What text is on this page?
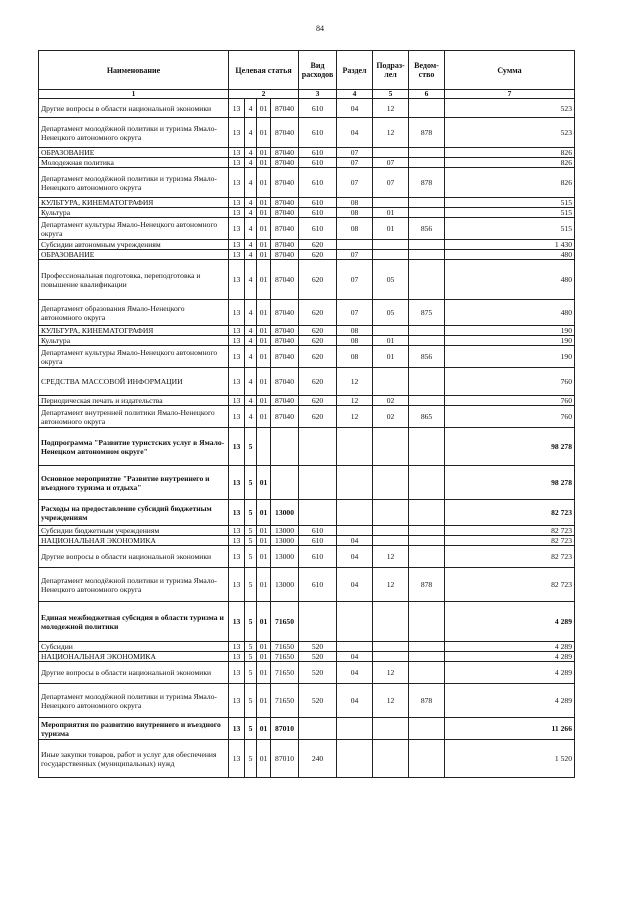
84
Наименование	Целевая статья				Вид расходов	Раздел	Подраз-лел	Ведом-ство	Сумма
1	2				3	4	5	6	7
Другие вопросы в области национальной экономики	13	4	01	87040	610	04	12		523
Департамент молодёжной политики и туризма Ямало-Ненецкого автономного округа	13	4	01	87040	610	04	12	878	523
ОБРАЗОВАНИЕ	13	4	01	87040	610	07			826
Молодежная политика	13	4	01	87040	610	07	07		826
Департамент молодёжной политики и туризма Ямало-Ненецкого автономного округа	13	4	01	87040	610	07	07	878	826
КУЛЬТУРА, КИНЕМАТОГРАФИЯ	13	4	01	87040	610	08			515
Культура	13	4	01	87040	610	08	01		515
Департамент культуры Ямало-Ненецкого автономного округа	13	4	01	87040	610	08	01	856	515
Субсидии автономным учреждениям	13	4	01	87040	620				1 430
ОБРАЗОВАНИЕ	13	4	01	87040	620	07			480
Профессиональная подготовка, переподготовка и повышение квалификации	13	4	01	87040	620	07	05		480
Департамент образования Ямало-Ненецкого автономного округа	13	4	01	87040	620	07	05	875	480
КУЛЬТУРА, КИНЕМАТОГРАФИЯ	13	4	01	87040	620	08			190
Культура	13	4	01	87040	620	08	01		190
Департамент культуры Ямало-Ненецкого автономного округа	13	4	01	87040	620	08	01	856	190
СРЕДСТВА МАССОВОЙ ИНФОРМАЦИИ	13	4	01	87040	620	12			760
Периодическая печать и издательства	13	4	01	87040	620	12	02		760
Департамент внутренней политики Ямало-Ненецкого автономного округа	13	4	01	87040	620	12	02	865	760
Подпрограмма "Развитие туристских услуг в Ямало-Ненецком автономном округе"	13	5							98 278
Основное мероприятие "Развитие внутреннего и въездного туризма и отдыха"	13	5	01						98 278
Расходы на предоставление субсидий бюджетным учреждениям	13	5	01	13000					82 723
Субсидии бюджетным учреждениям	13	5	01	13000	610				82 723
НАЦИОНАЛЬНАЯ ЭКОНОМИКА	13	5	01	13000	610	04			82 723
Другие вопросы в области национальной экономики	13	5	01	13000	610	04	12		82 723
Департамент молодёжной политики и туризма Ямало-Ненецкого автономного округа	13	5	01	13000	610	04	12	878	82 723
Единая межбюджетная субсидия в области туризма и молодежной политики	13	5	01	71650					4 289
Субсидии	13	5	01	71650	520				4 289
НАЦИОНАЛЬНАЯ ЭКОНОМИКА	13	5	01	71650	520	04			4 289
Другие вопросы в области национальной экономики	13	5	01	71650	520	04	12		4 289
Департамент молодёжной политики и туризма Ямало-Ненецкого автономного округа	13	5	01	71650	520	04	12	878	4 289
Мероприятия по развитию внутреннего и въездного туризма	13	5	01	87010					11 266
Иные закупки товаров, работ и услуг для обеспечения государственных (муниципальных) нужд	13	5	01	87010	240				1 520
